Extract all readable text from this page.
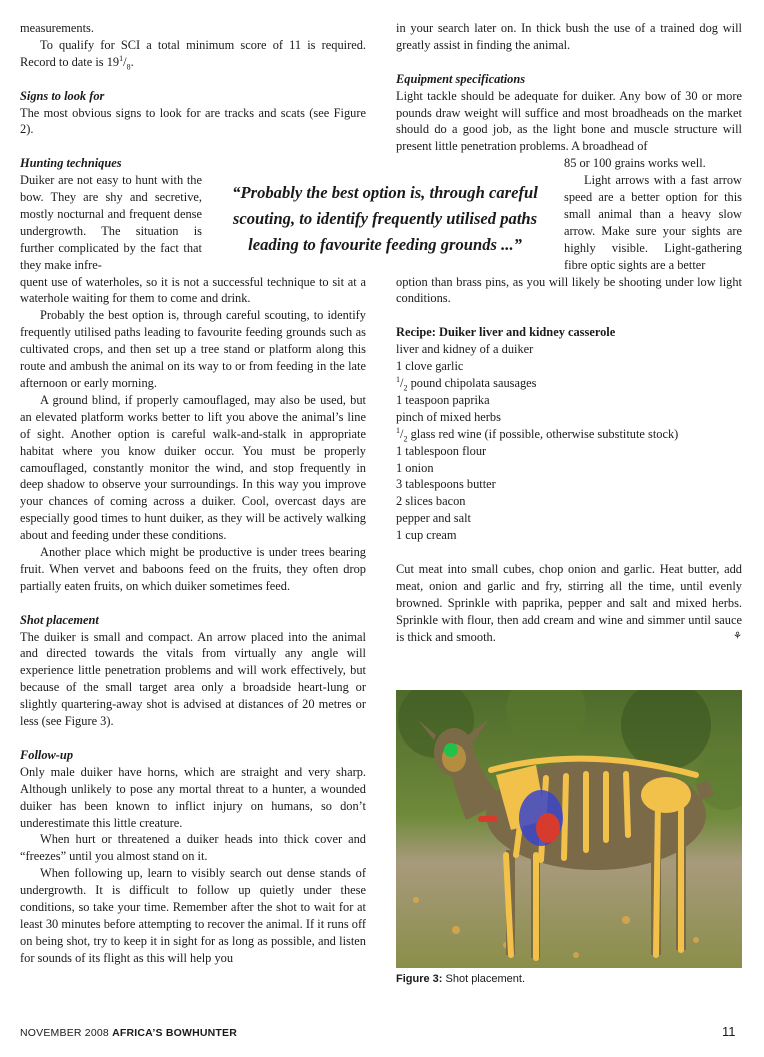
measurements.

To qualify for SCI a total minimum score of 11 is required. Record to date is $19^1/_8$.

Signs to look for

The most obvious signs to look for are tracks and scats (see Figure 2).

Hunting techniques

Duiker are not easy to hunt with the bow. They are shy and secretive, mostly nocturnal and frequent dense undergrowth. The situation is further complicated by the fact that they make infre-

quent use of waterholes, so it is not a successful technique to sit at a waterhole waiting for them to come and drink.

Probably the best option is, through careful scouting, to identify frequently utilised paths leading to favourite feeding grounds such as cultivated crops, and then set up a tree stand or platform along this route and ambush the animal on its way to or from feeding in the late afternoon or early morning.

A ground blind, if properly camouflaged, may also be used, but an elevated platform works better to lift you above the animal’s line of sight. Another option is careful walk-and-stalk in appropriate habitat where you know duiker occur. You must be properly camouflaged, constantly monitor the wind, and stop frequently in deep shadow to observe your surroundings. In this way you improve your chances of coming across a duiker. Cool, overcast days are especially good times to hunt duiker, as they will be actively walking about and feeding under these conditions.

Another place which might be productive is under trees bearing fruit. When vervet and baboons feed on the fruits, they often drop partially eaten fruits, on which duiker sometimes feed.

Shot placement

The duiker is small and compact. An arrow placed into the animal and directed towards the vitals from virtually any angle will experience little penetration problems and will work effectively, but because of the small target area only a broadside heart-lung or slightly quartering-away shot is advised at distances of 20 metres or less (see Figure 3).

Follow-up

Only male duiker have horns, which are straight and very sharp. Although unlikely to pose any mortal threat to a hunter, a wounded duiker has been known to inflict injury on humans, so don’t underestimate this little creature.

When hurt or threatened a duiker heads into thick cover and “freezes” until you almost stand on it.

When following up, learn to visibly search out dense stands of undergrowth. It is difficult to follow up quietly under these conditions, so take your time. Remember after the shot to wait for at least 30 minutes before attempting to recover the animal. If it runs off on being shot, try to keep it in sight for as long as possible, and listen for sounds of its flight as this will help you

“Probably the best option is, through careful scouting, to identify frequently utilised paths leading to favourite feeding grounds ...”

in your search later on. In thick bush the use of a trained dog will greatly assist in finding the animal.

Equipment specifications

Light tackle should be adequate for duiker. Any bow of 30 or more pounds draw weight will suffice and most broadheads on the market should do a good job, as the light bone and muscle structure will present little penetration problems. A broadhead of

85 or 100 grains works well.

Light arrows with a fast arrow speed are a better option for this small animal than a heavy slow arrow. Make sure your sights are highly visible. Light-gathering fibre optic sights are a better

option than brass pins, as you will likely be shooting under low light conditions.

Recipe: Duiker liver and kidney casserole

liver and kidney of a duiker

1 clove garlic

$^1/_2$ pound chipolata sausages

1 teaspoon paprika

pinch of mixed herbs

$^1/_2$ glass red wine (if possible, otherwise substitute stock)

1 tablespoon flour

1 onion

3 tablespoons butter

2 slices bacon

pepper and salt

1 cup cream

Cut meat into small cubes, chop onion and garlic. Heat butter, add meat, onion and garlic and fry, stirring all the time, until evenly browned. Sprinkle with paprika, pepper and salt and mixed herbs. Sprinkle with flour, then add cream and wine and simmer until sauce is thick and smooth.	⚘

Figure 3: Shot placement.
NOVEMBER 2008 AFRICA’S BOWHUNTER	11
